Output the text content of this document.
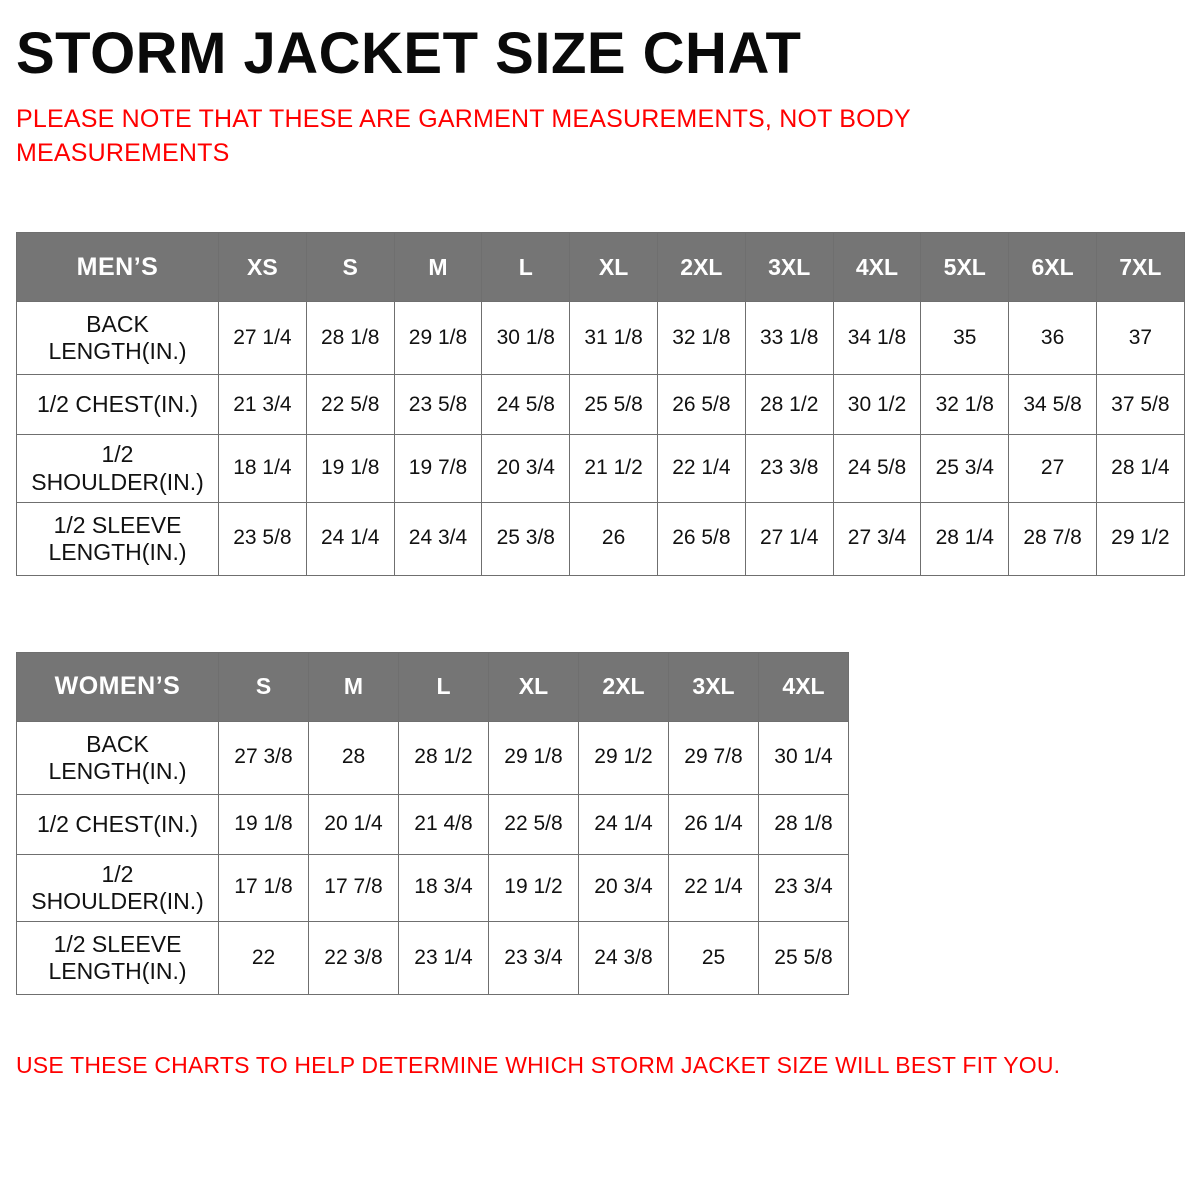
STORM JACKET SIZE CHAT
PLEASE NOTE THAT THESE ARE GARMENT MEASUREMENTS, NOT BODY MEASUREMENTS
MEN’S	XS	S	M	L	XL	2XL	3XL	4XL	5XL	6XL	7XL
BACK LENGTH(IN.)	27 1/4	28 1/8	29 1/8	30 1/8	31 1/8	32 1/8	33 1/8	34 1/8	35	36	37
1/2 CHEST(IN.)	21 3/4	22 5/8	23 5/8	24 5/8	25 5/8	26 5/8	28 1/2	30 1/2	32 1/8	34 5/8	37 5/8
1/2 SHOULDER(IN.)	18 1/4	19 1/8	19 7/8	20 3/4	21 1/2	22 1/4	23 3/8	24 5/8	25 3/4	27	28 1/4
1/2 SLEEVE LENGTH(IN.)	23 5/8	24 1/4	24 3/4	25 3/8	26	26 5/8	27 1/4	27 3/4	28 1/4	28 7/8	29 1/2
WOMEN’S	S	M	L	XL	2XL	3XL	4XL
BACK LENGTH(IN.)	27 3/8	28	28 1/2	29 1/8	29 1/2	29 7/8	30 1/4
1/2 CHEST(IN.)	19 1/8	20 1/4	21 4/8	22 5/8	24 1/4	26 1/4	28 1/8
1/2 SHOULDER(IN.)	17 1/8	17 7/8	18 3/4	19 1/2	20 3/4	22 1/4	23 3/4
1/2 SLEEVE LENGTH(IN.)	22	22 3/8	23 1/4	23 3/4	24 3/8	25	25 5/8
USE THESE CHARTS TO HELP DETERMINE WHICH STORM JACKET SIZE WILL BEST FIT YOU.
